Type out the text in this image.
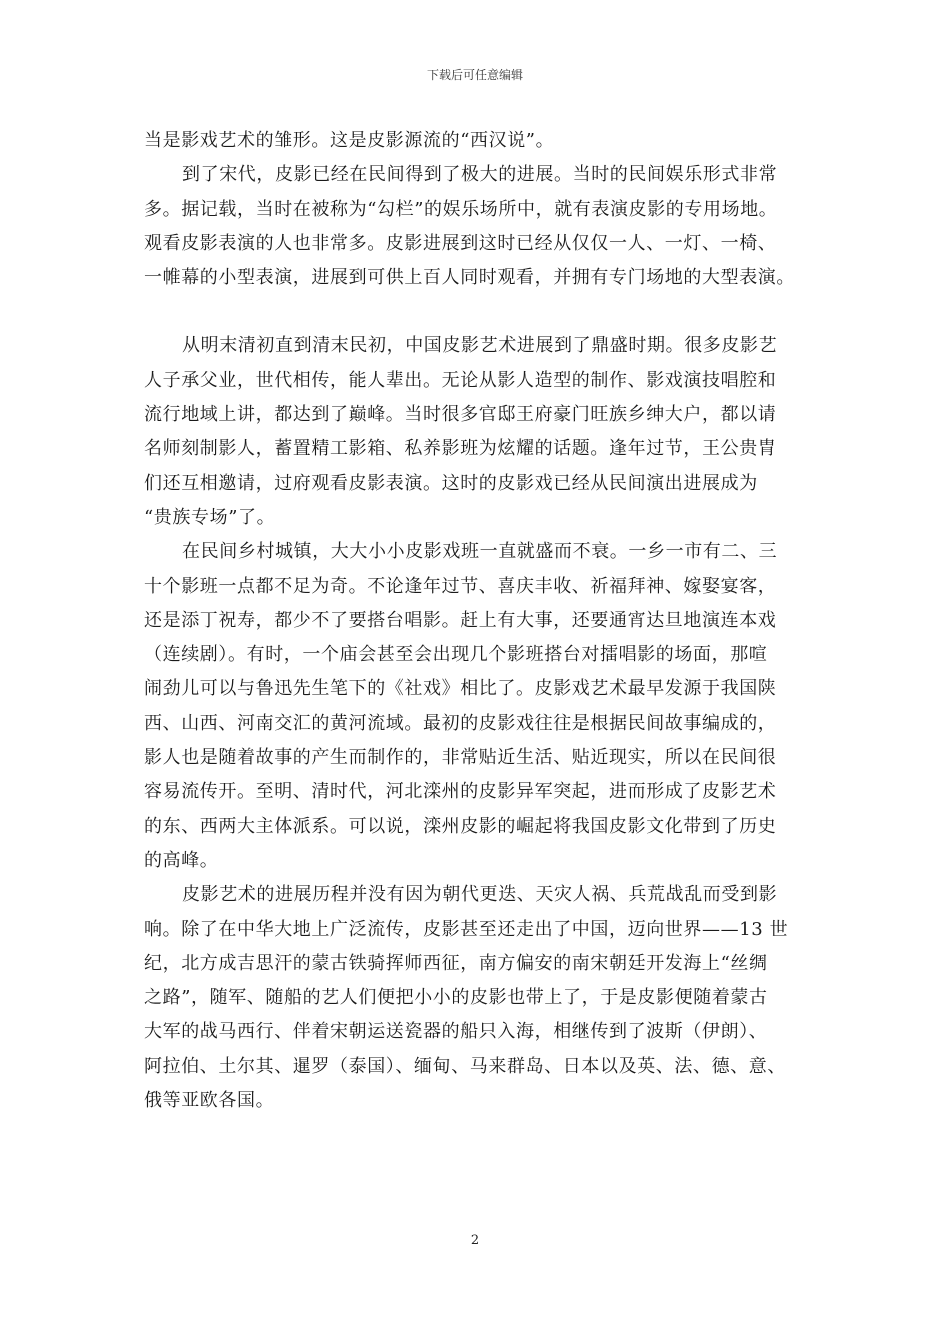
下载后可任意编辑
当是影戏艺术的雏形。这是皮影源流的“西汉说”。
到了宋代，皮影已经在民间得到了极大的进展。当时的民间娱乐形式非常
多。据记载，当时在被称为“勾栏”的娱乐场所中，就有表演皮影的专用场地。
观看皮影表演的人也非常多。皮影进展到这时已经从仅仅一人、一灯、一椅、
一帷幕的小型表演，进展到可供上百人同时观看，并拥有专门场地的大型表演。
从明末清初直到清末民初，中国皮影艺术进展到了鼎盛时期。很多皮影艺
人子承父业，世代相传，能人辈出。无论从影人造型的制作、影戏演技唱腔和
流行地域上讲，都达到了巅峰。当时很多官邸王府豪门旺族乡绅大户，都以请
名师刻制影人，蓄置精工影箱、私养影班为炫耀的话题。逢年过节，王公贵胄
们还互相邀请，过府观看皮影表演。这时的皮影戏已经从民间演出进展成为
“贵族专场”了。
在民间乡村城镇，大大小小皮影戏班一直就盛而不衰。一乡一市有二、三
十个影班一点都不足为奇。不论逢年过节、喜庆丰收、祈福拜神、嫁娶宴客，
还是添丁祝寿，都少不了要搭台唱影。赶上有大事，还要通宵达旦地演连本戏
（连续剧）。有时，一个庙会甚至会出现几个影班搭台对擂唱影的场面，那喧
闹劲儿可以与鲁迅先生笔下的《社戏》相比了。皮影戏艺术最早发源于我国陕
西、山西、河南交汇的黄河流域。最初的皮影戏往往是根据民间故事编成的，
影人也是随着故事的产生而制作的，非常贴近生活、贴近现实，所以在民间很
容易流传开。至明、清时代，河北滦州的皮影异军突起，进而形成了皮影艺术
的东、西两大主体派系。可以说，滦州皮影的崛起将我国皮影文化带到了历史
的高峰。
皮影艺术的进展历程并没有因为朝代更迭、天灾人祸、兵荒战乱而受到影
响。除了在中华大地上广泛流传，皮影甚至还走出了中国，迈向世界——13 世
纪，北方成吉思汗的蒙古铁骑挥师西征，南方偏安的南宋朝廷开发海上“丝绸
之路”，随军、随船的艺人们便把小小的皮影也带上了，于是皮影便随着蒙古
大军的战马西行、伴着宋朝运送瓷器的船只入海，相继传到了波斯（伊朗）、
阿拉伯、土尔其、暹罗（泰国）、缅甸、马来群岛、日本以及英、法、德、意、
俄等亚欧各国。
2
